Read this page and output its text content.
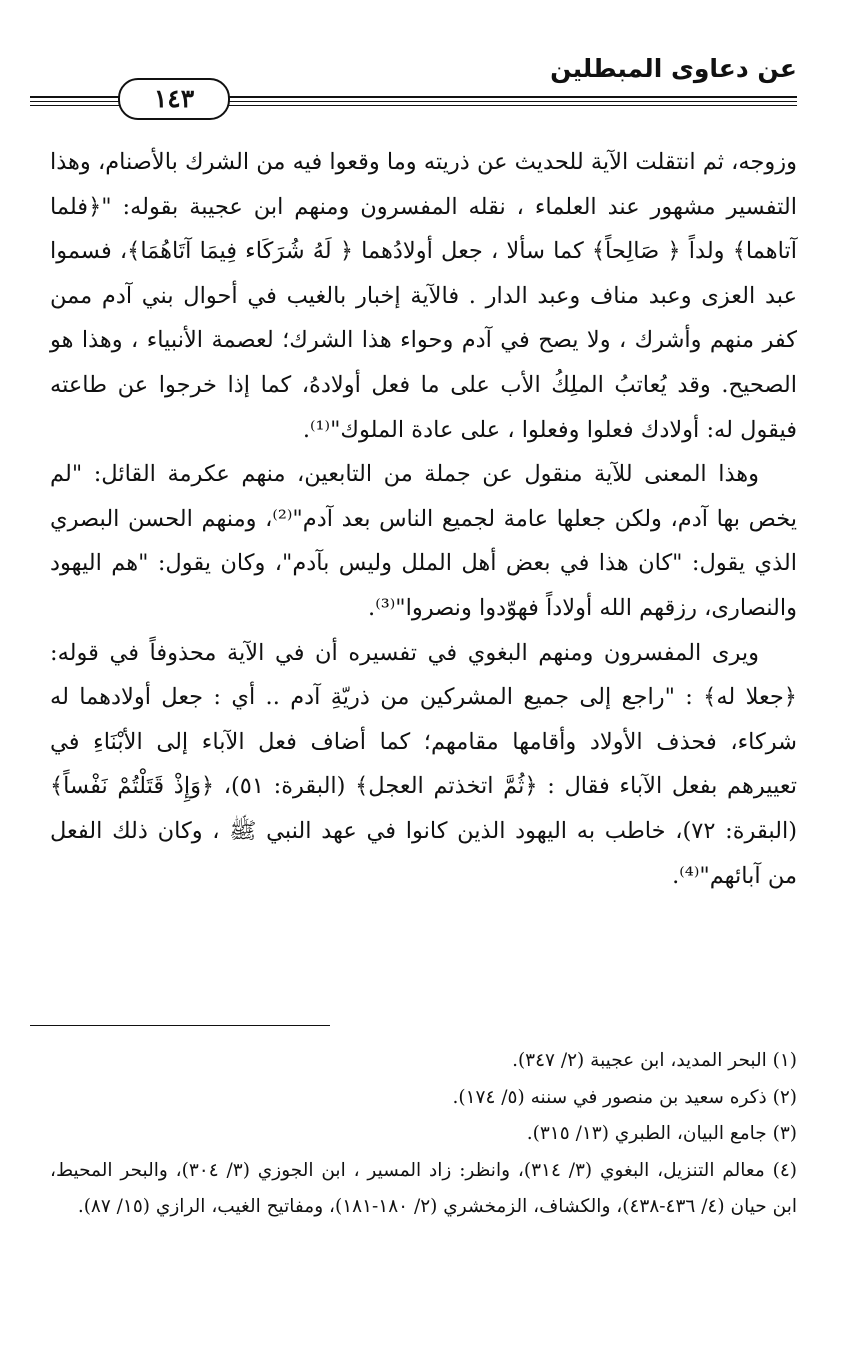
عن دعاوى المبطلين
١٤٣

وزوجه، ثم انتقلت الآية للحديث عن ذريته وما وقعوا فيه من الشرك بالأصنام، وهذا التفسير مشهور عند العلماء ، نقله المفسرون ومنهم ابن عجيبة بقوله: "﴿فلما آتاهما﴾ ولداً ﴿ صَالِحاً﴾ كما سألا ، جعل أولادُهما ﴿ لَهُ شُرَكَاء فِيمَا آتَاهُمَا﴾، فسموا عبد العزى وعبد مناف وعبد الدار . فالآية إخبار بالغيب في أحوال بني آدم ممن كفر منهم وأشرك ، ولا يصح في آدم وحواء هذا الشرك؛ لعصمة الأنبياء ، وهذا هو الصحيح. وقد يُعاتبُ الملِكُ الأب على ما فعل أولادهُ، كما إذا خرجوا عن طاعته فيقول له: أولادك فعلوا وفعلوا ، على عادة الملوك"⁽¹⁾.

وهذا المعنى للآية منقول عن جملة من التابعين، منهم عكرمة القائل: "لم يخص بها آدم، ولكن جعلها عامة لجميع الناس بعد آدم"⁽²⁾، ومنهم الحسن البصري الذي يقول: "كان هذا في بعض أهل الملل وليس بآدم"، وكان يقول: "هم اليهود والنصارى، رزقهم الله أولاداً فهوّدوا ونصروا"⁽³⁾.

ويرى المفسرون ومنهم البغوي في تفسيره أن في الآية محذوفاً في قوله: ﴿جعلا له﴾ : "راجع إلى جميع المشركين من ذريّةِ آدم .. أي : جعل أولادهما له شركاء، فحذف الأولاد وأقامها مقامهم؛ كما أضاف فعل الآباء إلى الأبْنَاءِ في تعييرهم بفعل الآباء فقال : ﴿ثُمَّ اتخذتم العجل﴾ (البقرة: ٥١)، ﴿وَإِذْ قَتَلْتُمْ نَفْساً﴾ (البقرة: ٧٢)، خاطب به اليهود الذين كانوا في عهد النبي ﷺ ، وكان ذلك الفعل من آبائهم"⁽⁴⁾.

(١) البحر المديد، ابن عجيبة (٢/ ٣٤٧).

(٢) ذكره سعيد بن منصور في سننه (٥/ ١٧٤).

(٣) جامع البيان، الطبري (١٣/ ٣١٥).

(٤) معالم التنزيل، البغوي (٣/ ٣١٤)، وانظر: زاد المسير ، ابن الجوزي (٣/ ٣٠٤)، والبحر المحيط، ابن حيان (٤/ ٤٣٦-٤٣٨)، والكشاف، الزمخشري (٢/ ١٨٠-١٨١)، ومفاتيح الغيب، الرازي (١٥/ ٨٧).
